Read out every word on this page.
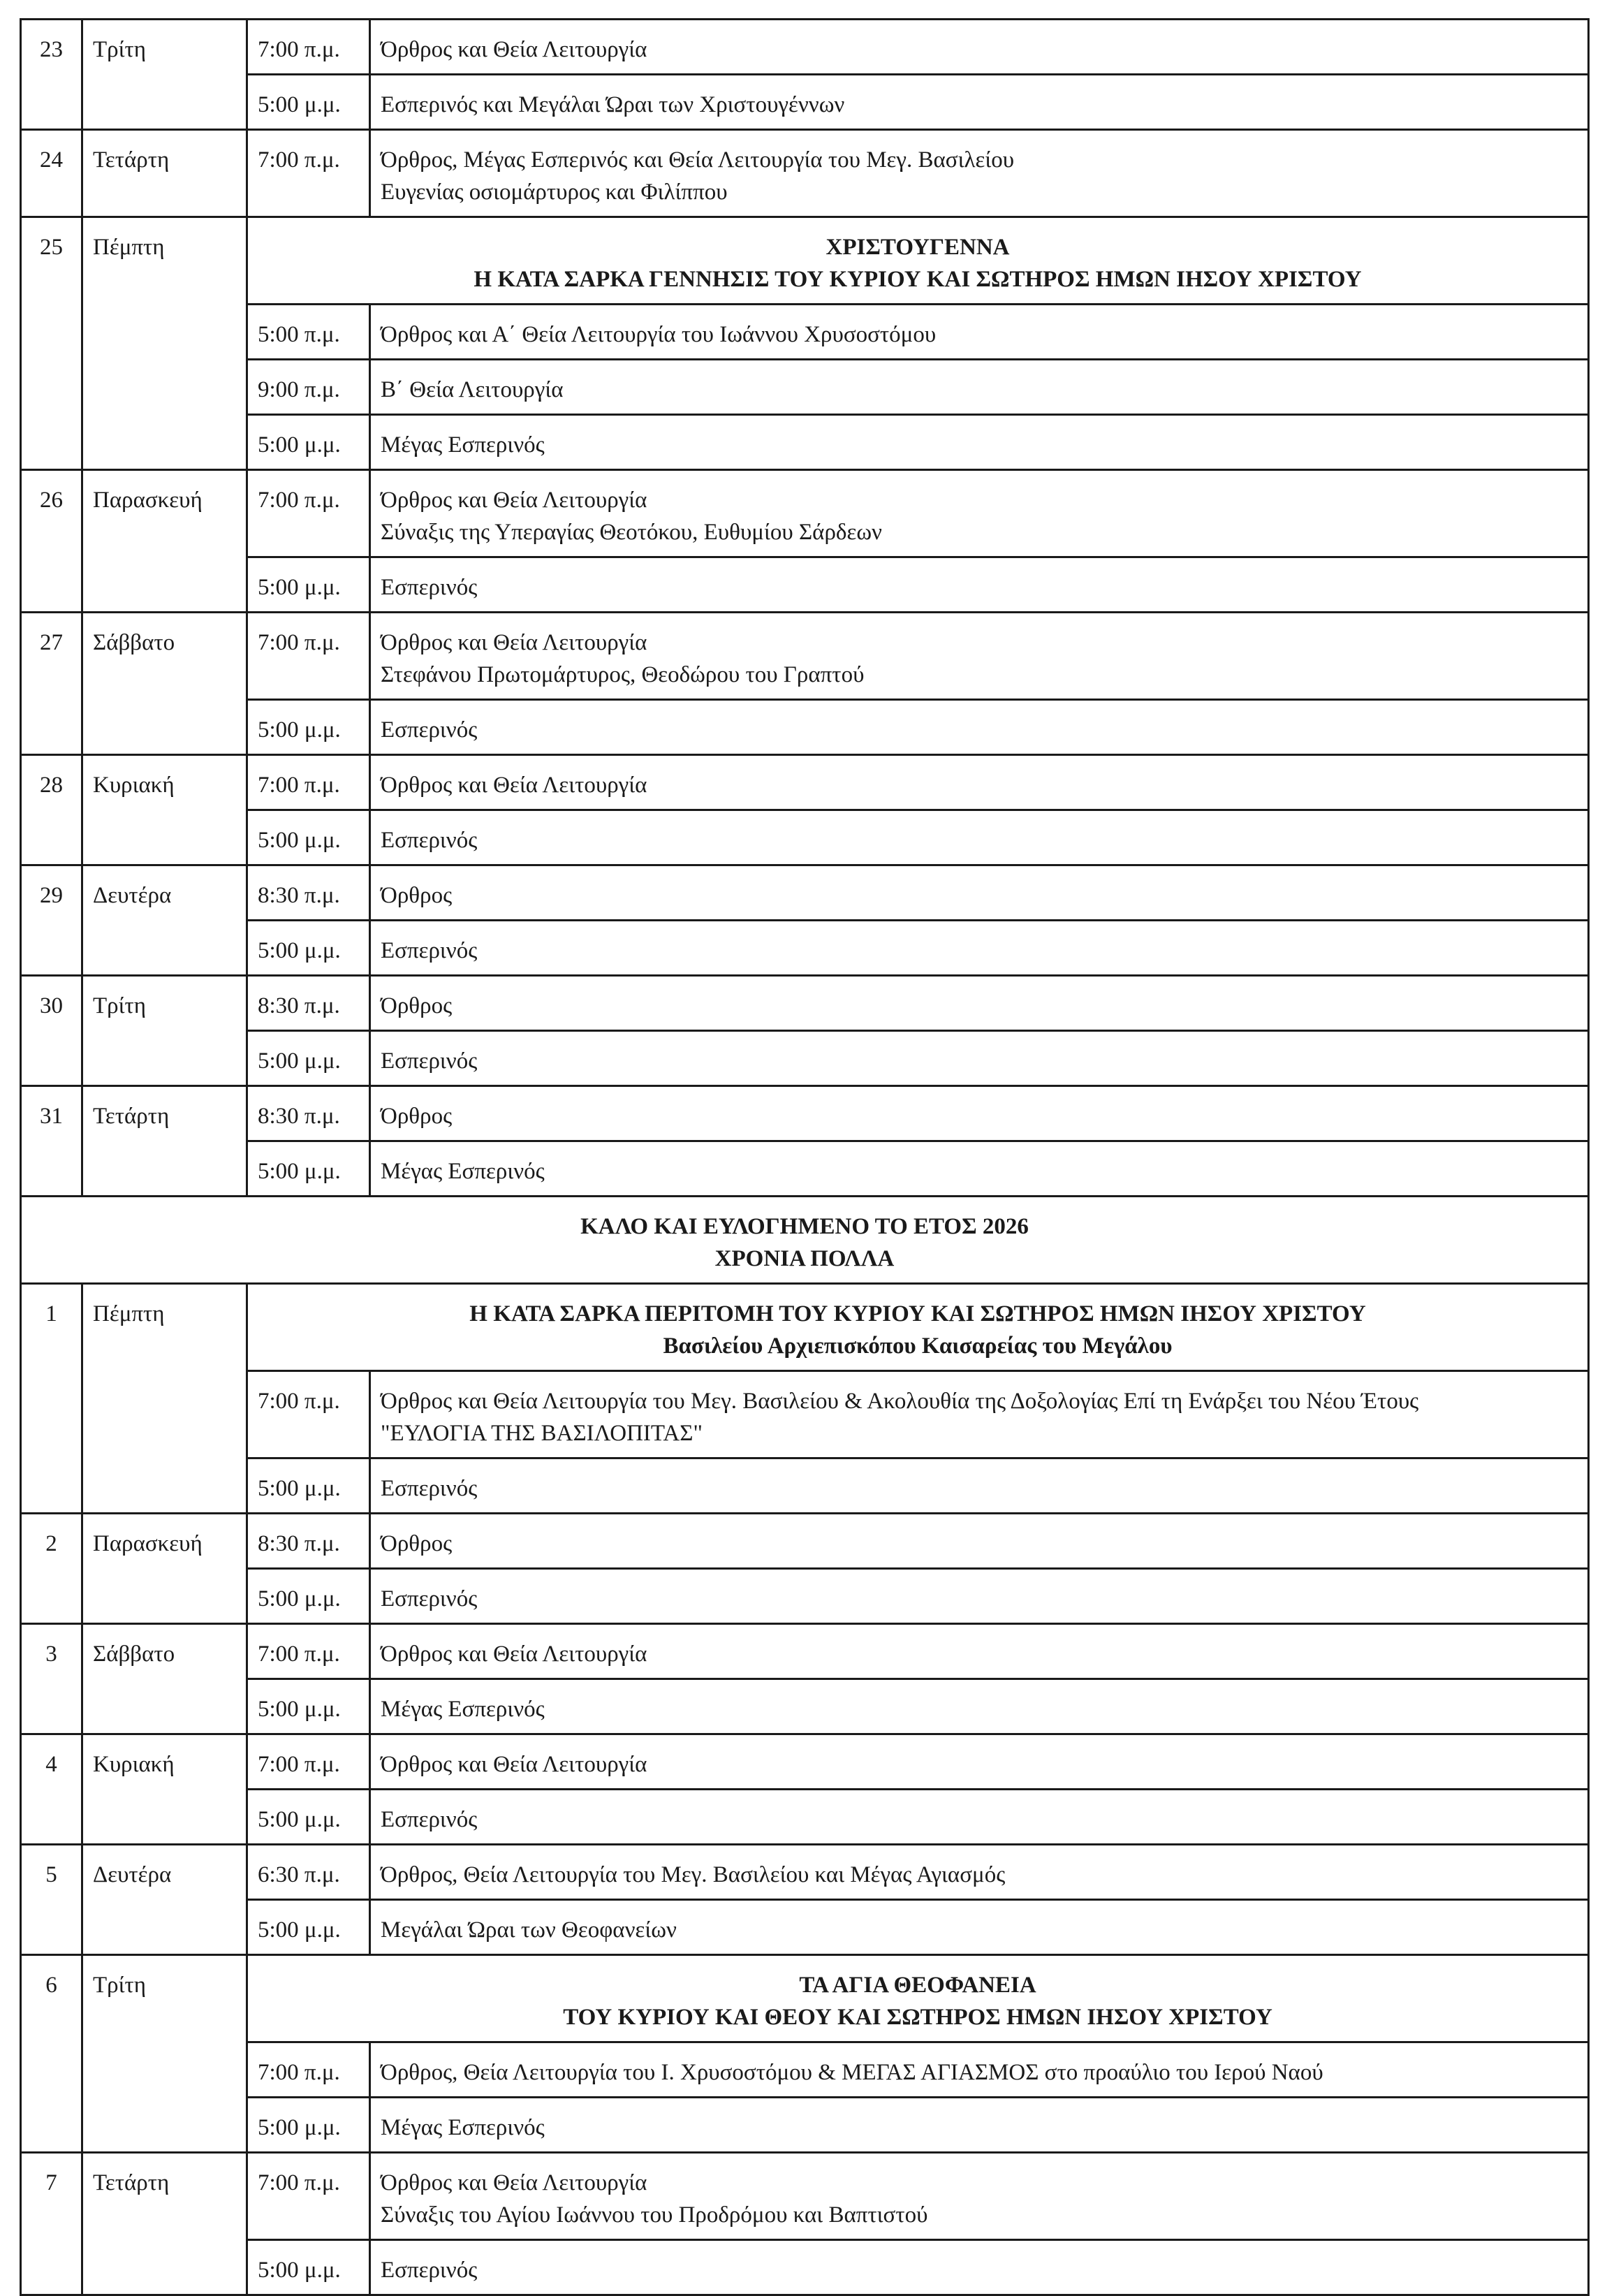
23	Τρίτη	7:00 π.μ.	Όρθρος και Θεία Λειτουργία

		5:00 μ.μ.	Εσπερινός και Μεγάλαι Ώραι των Χριστουγέννων

24	Τετάρτη	7:00 π.μ.	Όρθρος, Μέγας Εσπερινός και Θεία Λειτουργία του Μεγ. Βασιλείου
Ευγενίας οσιομάρτυρος και Φιλίππου

25	Πέμπτη	ΧΡΙΣΤΟΥΓΕΝΝΑ
Η ΚΑΤΑ ΣΑΡΚΑ ΓΕΝΝΗΣΙΣ ΤΟΥ ΚΥΡΙΟΥ ΚΑΙ ΣΩΤΗΡΟΣ ΗΜΩΝ ΙΗΣΟΥ ΧΡΙΣΤΟΥ	

		5:00 π.μ.	Όρθρος και Α΄ Θεία Λειτουργία του Ιωάννου Χρυσοστόμου

		9:00 π.μ.	Β΄ Θεία Λειτουργία

		5:00 μ.μ.	Μέγας Εσπερινός

26	Παρασκευή	7:00 π.μ.	Όρθρος και Θεία Λειτουργία
Σύναξις της Υπεραγίας Θεοτόκου, Ευθυμίου Σάρδεων

		5:00 μ.μ.	Εσπερινός

27	Σάββατο	7:00 π.μ.	Όρθρος και Θεία Λειτουργία
Στεφάνου Πρωτομάρτυρος, Θεοδώρου του Γραπτού

		5:00 μ.μ.	Εσπερινός

28	Κυριακή	7:00 π.μ.	Όρθρος και Θεία Λειτουργία

		5:00 μ.μ.	Εσπερινός

29	Δευτέρα	8:30 π.μ.	Όρθρος

		5:00 μ.μ.	Εσπερινός

30	Τρίτη	8:30 π.μ.	Όρθρος

		5:00 μ.μ.	Εσπερινός

31	Τετάρτη	8:30 π.μ.	Όρθρος

		5:00 μ.μ.	Μέγας Εσπερινός

ΚΑΛΟ ΚΑΙ ΕΥΛΟΓΗΜΕΝΟ ΤΟ ΕΤΟΣ 2026
ΧΡΟΝΙΑ ΠΟΛΛΑ			

1	Πέμπτη	Η ΚΑΤΑ ΣΑΡΚΑ ΠΕΡΙΤΟΜΗ ΤΟΥ ΚΥΡΙΟΥ ΚΑΙ ΣΩΤΗΡΟΣ ΗΜΩΝ ΙΗΣΟΥ ΧΡΙΣΤΟΥ
Βασιλείου Αρχιεπισκόπου Καισαρείας του Μεγάλου	

		7:00 π.μ.	Όρθρος και Θεία Λειτουργία του Μεγ. Βασιλείου & Ακολουθία της Δοξολογίας Επί τη Ενάρξει του Νέου Έτους
"ΕΥΛΟΓΙΑ ΤΗΣ ΒΑΣΙΛΟΠΙΤΑΣ"

		5:00 μ.μ.	Εσπερινός

2	Παρασκευή	8:30 π.μ.	Όρθρος

		5:00 μ.μ.	Εσπερινός

3	Σάββατο	7:00 π.μ.	Όρθρος και Θεία Λειτουργία

		5:00 μ.μ.	Μέγας Εσπερινός

4	Κυριακή	7:00 π.μ.	Όρθρος και Θεία Λειτουργία

		5:00 μ.μ.	Εσπερινός

5	Δευτέρα	6:30 π.μ.	Όρθρος, Θεία Λειτουργία του Μεγ. Βασιλείου και Μέγας Αγιασμός

		5:00 μ.μ.	Μεγάλαι Ώραι των Θεοφανείων

6	Τρίτη	ΤΑ ΑΓΙΑ ΘΕΟΦΑΝΕΙΑ
ΤΟΥ ΚΥΡΙΟΥ ΚΑΙ ΘΕΟΥ ΚΑΙ ΣΩΤΗΡΟΣ ΗΜΩΝ ΙΗΣΟΥ ΧΡΙΣΤΟΥ	

		7:00 π.μ.	Όρθρος, Θεία Λειτουργία του Ι. Χρυσοστόμου & ΜΕΓΑΣ ΑΓΙΑΣΜΟΣ στο προαύλιο του Ιερού Ναού

		5:00 μ.μ.	Μέγας Εσπερινός

7	Τετάρτη	7:00 π.μ.	Όρθρος και Θεία Λειτουργία
Σύναξις του Αγίου Ιωάννου του Προδρόμου και Βαπτιστού

		5:00 μ.μ.	Εσπερινός
